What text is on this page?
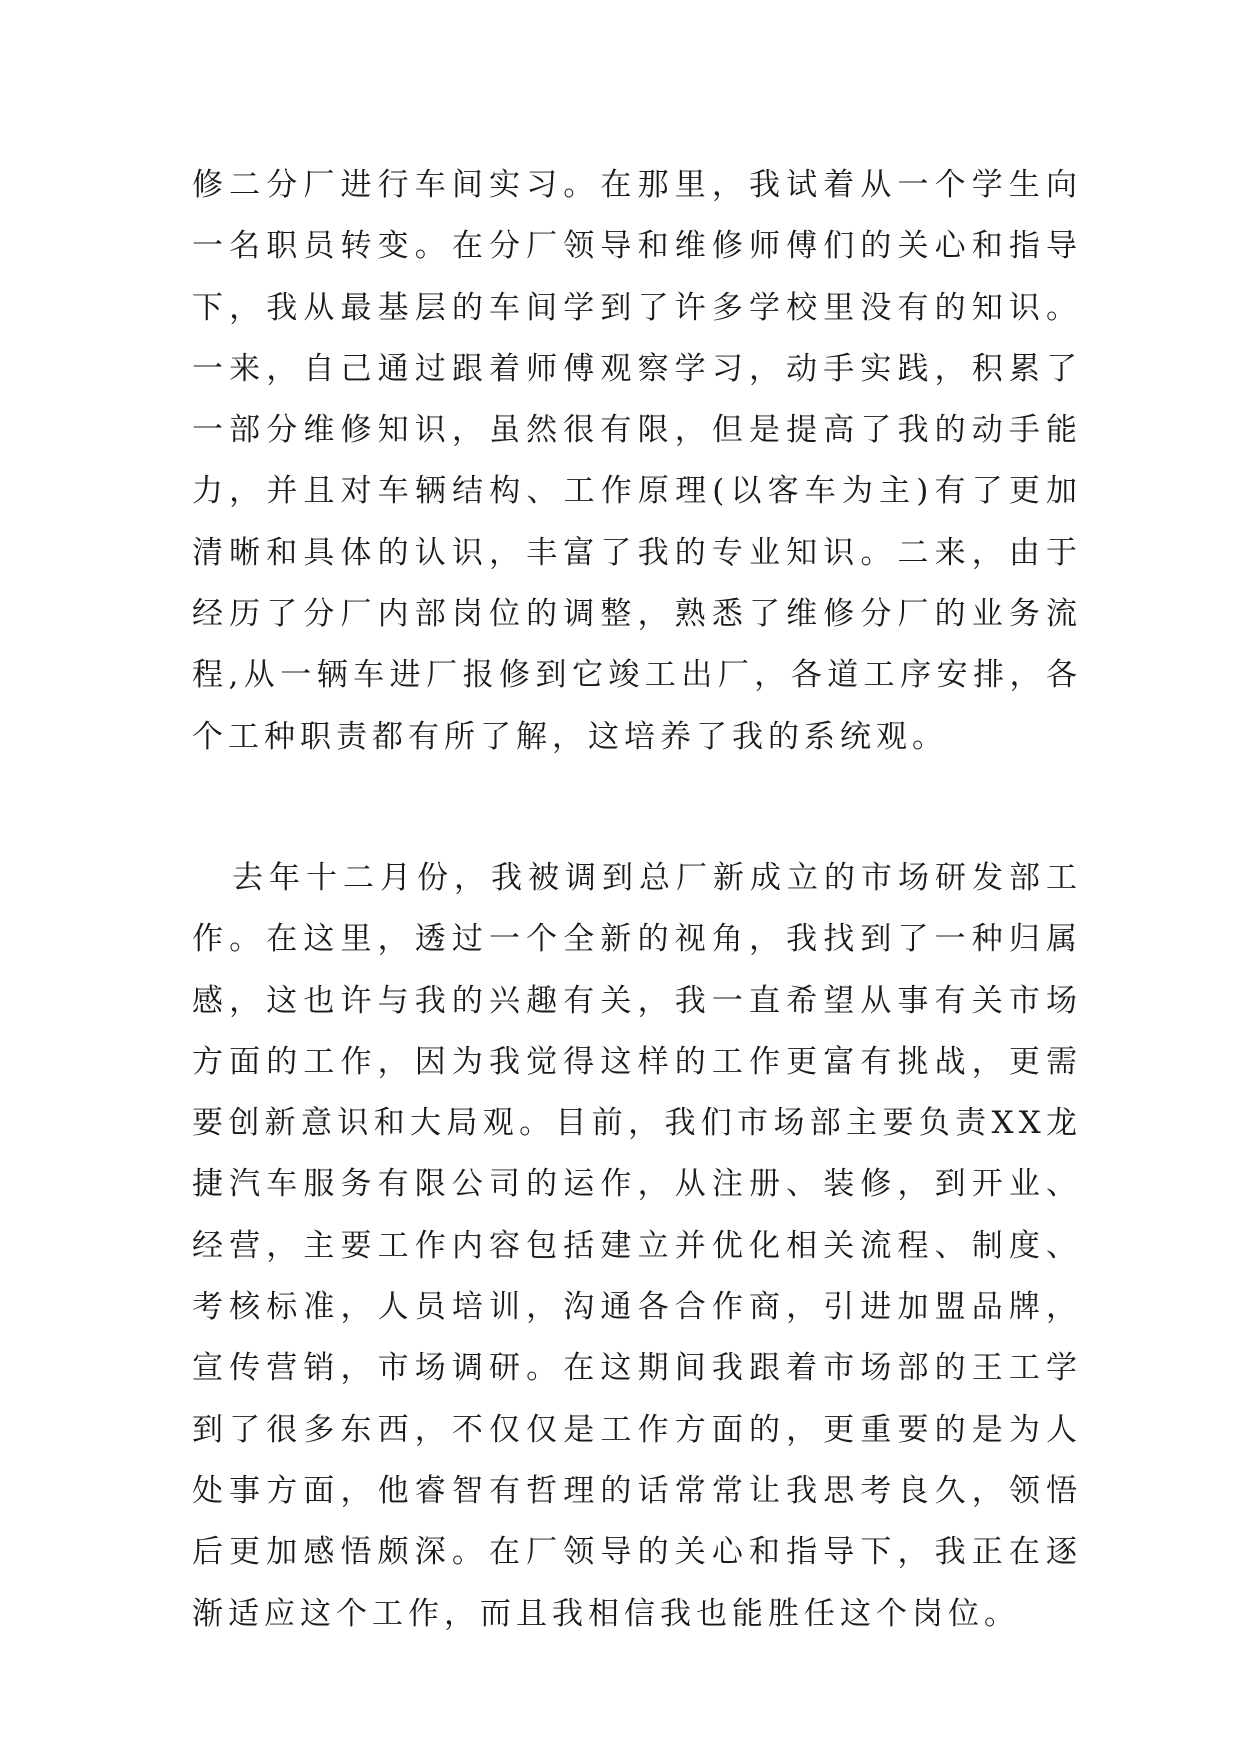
修二分厂进行车间实习。在那里，我试着从一个学生向一名职员转变。在分厂领导和维修师傅们的关心和指导下，我从最基层的车间学到了许多学校里没有的知识。一来，自己通过跟着师傅观察学习，动手实践，积累了一部分维修知识，虽然很有限，但是提高了我的动手能力，并且对车辆结构、工作原理(以客车为主)有了更加清晰和具体的认识，丰富了我的专业知识。二来，由于经历了分厂内部岗位的调整，熟悉了维修分厂的业务流程,从一辆车进厂报修到它竣工出厂，各道工序安排，各个工种职责都有所了解，这培养了我的系统观。

去年十二月份，我被调到总厂新成立的市场研发部工作。在这里，透过一个全新的视角，我找到了一种归属感，这也许与我的兴趣有关，我一直希望从事有关市场方面的工作，因为我觉得这样的工作更富有挑战，更需要创新意识和大局观。目前，我们市场部主要负责XX龙捷汽车服务有限公司的运作，从注册、装修，到开业、经营，主要工作内容包括建立并优化相关流程、制度、考核标准，人员培训，沟通各合作商，引进加盟品牌，宣传营销，市场调研。在这期间我跟着市场部的王工学到了很多东西，不仅仅是工作方面的，更重要的是为人处事方面，他睿智有哲理的话常常让我思考良久，领悟后更加感悟颇深。在厂领导的关心和指导下，我正在逐渐适应这个工作，而且我相信我也能胜任这个岗位。
